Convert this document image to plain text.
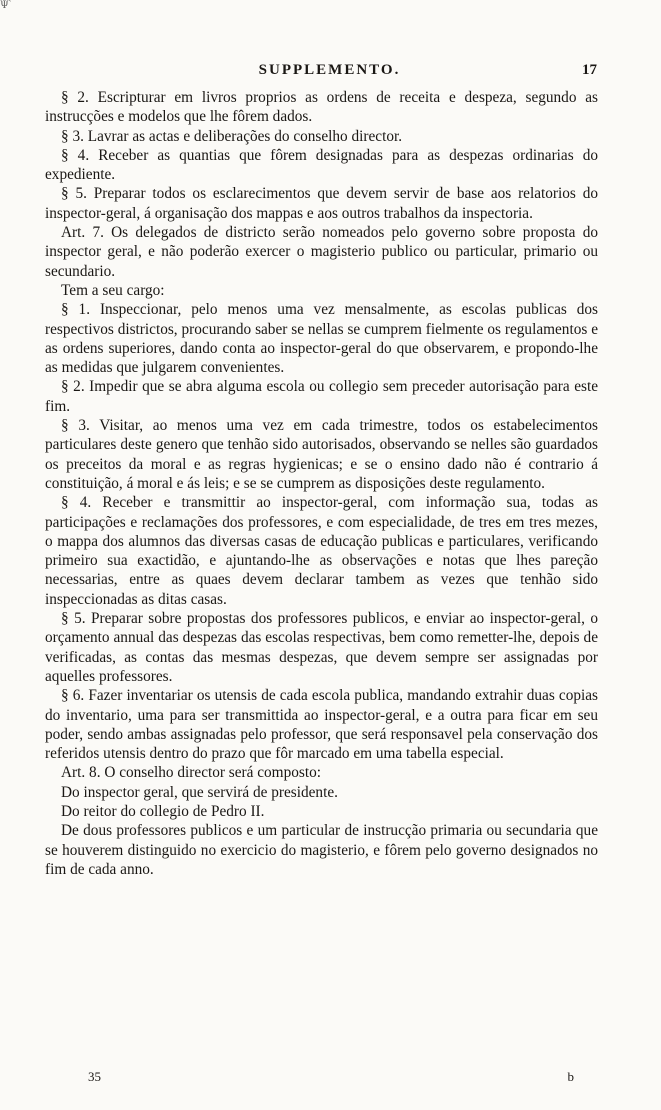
Ψ`
SUPPLEMENTO.	17

§ 2. Escripturar em livros proprios as ordens de receita e despeza, segundo as instrucções e modelos que lhe fôrem dados.

§ 3. Lavrar as actas e deliberações do conselho director.

§ 4. Receber as quantias que fôrem designadas para as despezas ordinarias do expediente.

§ 5. Preparar todos os esclarecimentos que devem servir de base aos relatorios do inspector-geral, á organisação dos mappas e aos outros trabalhos da inspectoria.

Art. 7. Os delegados de districto serão nomeados pelo governo sobre proposta do inspector geral, e não poderão exercer o magisterio publico ou particular, primario ou secundario.

Tem a seu cargo:

§ 1. Inspeccionar, pelo menos uma vez mensalmente, as escolas publicas dos respectivos districtos, procurando saber se nellas se cumprem fielmente os regulamentos e as ordens superiores, dando conta ao inspector-geral do que observarem, e propondo-lhe as medidas que julgarem convenientes.

§ 2. Impedir que se abra alguma escola ou collegio sem preceder autorisação para este fim.

§ 3. Visitar, ao menos uma vez em cada trimestre, todos os estabelecimentos particulares deste genero que tenhão sido autorisados, observando se nelles são guardados os preceitos da moral e as regras hygienicas; e se o ensino dado não é contrario á constituição, á moral e ás leis; e se se cumprem as disposições deste regulamento.

§ 4. Receber e transmittir ao inspector-geral, com informação sua, todas as participações e reclamações dos professores, e com especialidade, de tres em tres mezes, o mappa dos alumnos das diversas casas de educação publicas e particulares, verificando primeiro sua exactidão, e ajuntando-lhe as observações e notas que lhes pareção necessarias, entre as quaes devem declarar tambem as vezes que tenhão sido inspeccionadas as ditas casas.

§ 5. Preparar sobre propostas dos professores publicos, e enviar ao inspector-geral, o orçamento annual das despezas das escolas respectivas, bem como remetter-lhe, depois de verificadas, as contas das mesmas despezas, que devem sempre ser assignadas por aquelles professores.

§ 6. Fazer inventariar os utensis de cada escola publica, mandando extrahir duas copias do inventario, uma para ser transmittida ao inspector-geral, e a outra para ficar em seu poder, sendo ambas assignadas pelo professor, que será responsavel pela conservação dos referidos utensis dentro do prazo que fôr marcado em uma tabella especial.

Art. 8. O conselho director será composto:

Do inspector geral, que servirá de presidente.

Do reitor do collegio de Pedro II.

De dous professores publicos e um particular de instrucção primaria ou secundaria que se houverem distinguido no exercicio do magisterio, e fôrem pelo governo designados no fim de cada anno.

35	b
